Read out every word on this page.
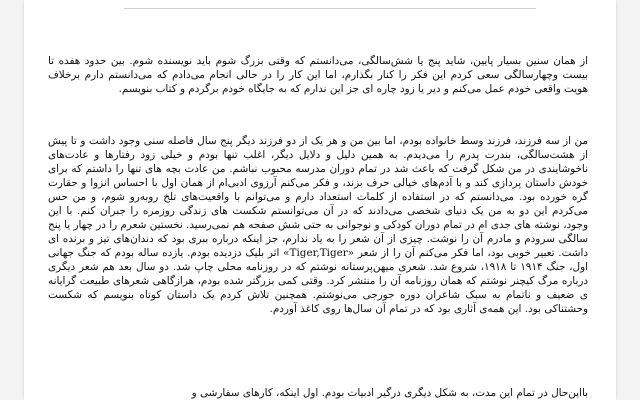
از همان سنین بسیار پایین، شاید پنج یا شش‌سالگی، می‌دانستم که وقتی بزرگ شوم باید نویسنده شوم. بین حدود هفده تا بیست وچهارسالگی سعی کردم این فکر را کنار بگذارم، اما این کار را در حالی انجام می‌دادم که می‌دانستم دارم برخلاف هویت واقعی خودم عمل می‌کنم و دیر یا زود چاره ای جز این ندارم که به جایگاه خودم برگردم و کتاب بنویسم.

من از سه فرزند، فرزند وسط خانواده بودم، اما بین من و هر یک از دو فرزند دیگر پنج سال فاصله سنی وجود داشت و تا پیش از هشت‌سالگی، بندرت پدرم را می‌دیدم. به همین دلیل و دلایل دیگر، اغلب تنها بودم و خیلی زود رفتارها و عادت‌های ناخوشایندی در من شکل گرفت که باعث شد در تمام دوران مدرسه محبوب نباشم. من عادت بچه های تنها را داشتم که برای خودش داستان پردازی کند و با آدم‌های خیالی حرف بزند، و فکر می‌کنم آرزوی ادبی‌ام از همان اول با احساس انزوا و حقارت گره خورده بود. می‌دانستم که در استفاده از کلمات استعداد دارم و می‌توانم با واقعیت‌های تلخ روبه‌رو شوم، و من حس می‌کردم این دو به من یک دنیای شخصی می‌دادند که در آن می‌توانستم شکست های زندگی روزمره را جبران کنم. با این وجود، نوشته های جدی ام در تمام دوران کودکی و نوجوانی به حتی شش صفحه هم نمی‌رسید. نخستین شعرم را در چهار یا پنج سالگی سرودم و مادرم آن را نوشت. چیزی از آن شعر را به یاد ندارم، جز اینکه درباره ببری بود که دندان‌های تیز و برنده ای داشت. تعبیر خوبی بود، اما فکر می‌کنم آن را از شعر «Tiger,Tiger» اثر بلیک دزدیده بودم. یازده ساله بودم که جنگ جهانی اول، جنگ ۱۹۱۴ تا ۱۹۱۸، شروع شد. شعری میهن‌پرستانه نوشتم که در روزنامه محلی چاپ شد. دو سال بعد هم شعر دیگری درباره مرگ کیچنر نوشتم که همان روزنامه آن را منتشر کرد. وقتی کمی بزرگتر شده بودم، هرازگاهی شعرهای طبیعت گرایانه ی ضعیف و ناتمام به سبک شاعران دوره جورجی می‌نوشتم. همچنین تلاش کردم یک داستان کوتاه بنویسم که شکست وحشتناکی بود. این همه‌ی آثاری بود که در تمام آن سال‌ها روی کاغذ آوردم.

بااین‌حال در تمام این مدت، به شکل دیگری درگیر ادبیات بودم. اول اینکه، کارهای سفارشی و
